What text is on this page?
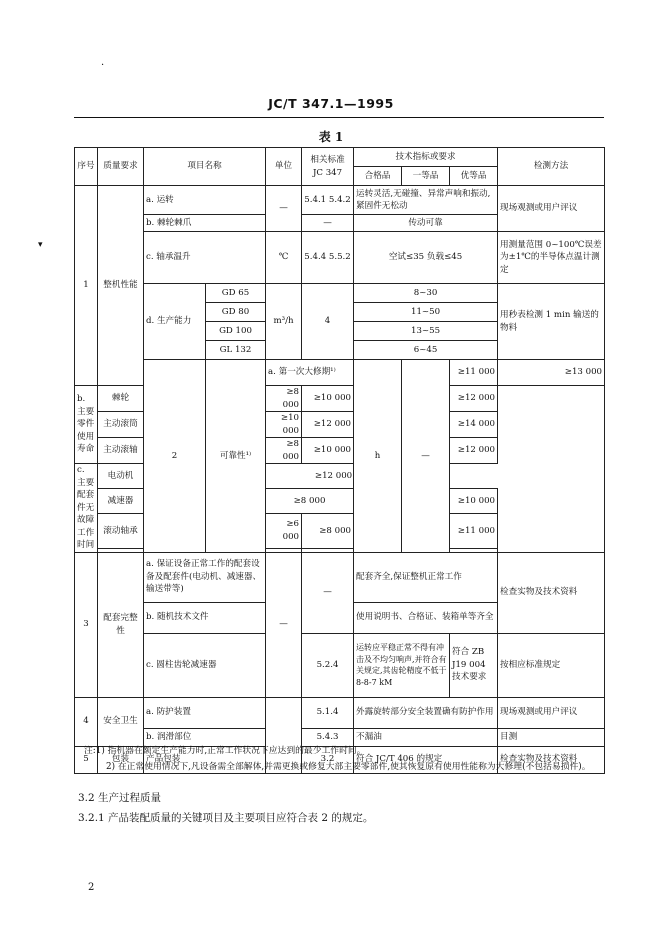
·
▾
JC/T 347.1—1995
表 1
序号	质量要求	项目名称		单位	相关标准 JC 347	技术指标或要求			检测方法	
						合格品	一等品	优等品		
1	整机性能	a. 运转		—	5.4.1 5.4.2	运转灵活,无碰撞、异常声响和振动,紧固件无松动			现场观测或用户评议	
		b. 棘轮棘爪			—	传动可靠				
		c. 轴承温升		℃	5.4.4 5.5.2	空试≤35 负载≤45			用测量范围 0~100℃误差为±1℃的半导体点温计测定	
		d. 生产能力	GD 65	m³/h	4	8~30			用秒表检测 1 min 输送的物料	
			GD 80			11~50				
			GD 100			13~55				
			GL 132			6~45				
		2	可靠性¹⁾	a. 第一次大修期¹⁾		h	—	≥11 000	≥13 000		
b. 主要零件使用寿命	棘轮			≥8 000	≥10 000			≥12 000		
	主动滚筒			≥10 000	≥12 000			≥14 000		
	主动滚轴			≥8 000	≥10 000			≥12 000		
c. 主要配套件无故障工作时间	电动机			≥12 000						
	减速器			≥8 000				≥10 000		
	滚动轴承			≥6 000	≥8 000			≥11 000		

3	配套完整性	a. 保证设备正常工作的配套设备及配套件(电动机、减速器、输送带等)		—	—	配套齐全,保证整机正常工作			检查实物及技术资料	
		b. 随机技术文件				使用说明书、合格证、装箱单等齐全				
		c. 圆柱齿轮减速器			5.2.4	运转应平稳正常不得有冲击及不均匀响声,并符合有关规定,其齿轮精度不低于 8-8-7 kM		符合 ZB J19 004 技术要求	按相应标准规定	
4	安全卫生	a. 防护装置			5.1.4	外露旋转部分安全装置确有防护作用			现场观测或用户评议	
		b. 润滑部位			5.4.3	不漏油			目测	
5	包装	产品包装			3.2	符合 JC/T 406 的规定			检查实物及技术资料	

注:1) 指机器在额定生产能力时,正常工作状况下应达到的最少工作时间。

2) 在正常使用情况下,凡设备需全部解体,并需更换或修复大部主要零部件,使其恢复原有使用性能称为大修理(不包括易损件)。

3.2 生产过程质量
3.2.1 产品装配质量的关键项目及主要项目应符合表 2 的规定。
2
